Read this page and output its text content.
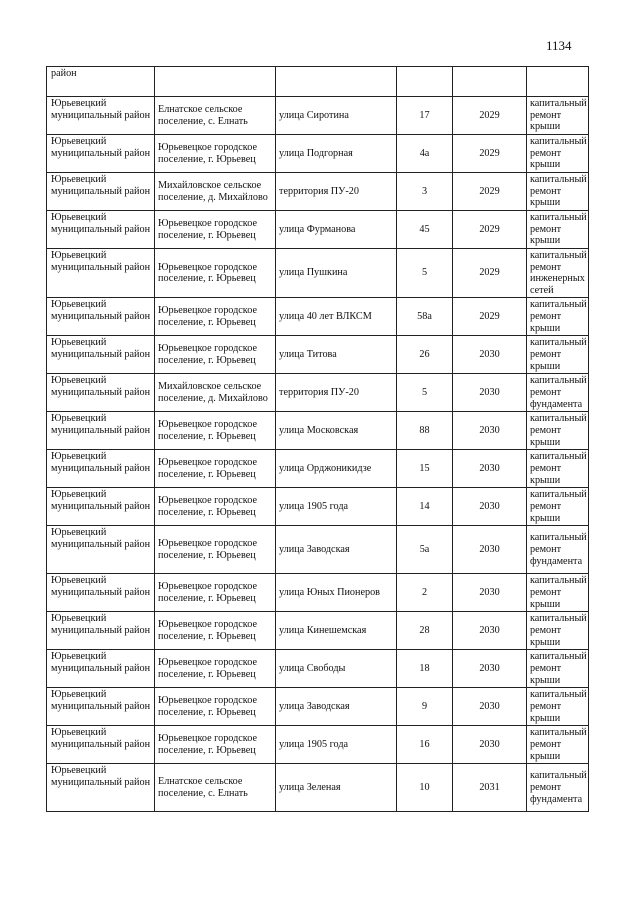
1134
район					
Юрьевецкий муниципальный район	Елнатское сельское поселение, с. Елнать	улица Сиротина	17	2029	капитальный ремонт крыши
Юрьевецкий муниципальный район	Юрьевецкое городское поселение, г. Юрьевец	улица Подгорная	4а	2029	капитальный ремонт крыши
Юрьевецкий муниципальный район	Михайловское сельское поселение, д. Михайлово	территория ПУ-20	3	2029	капитальный ремонт крыши
Юрьевецкий муниципальный район	Юрьевецкое городское поселение, г. Юрьевец	улица Фурманова	45	2029	капитальный ремонт крыши
Юрьевецкий муниципальный район	Юрьевецкое городское поселение, г. Юрьевец	улица Пушкина	5	2029	капитальный ремонт инженерных сетей
Юрьевецкий муниципальный район	Юрьевецкое городское поселение, г. Юрьевец	улица 40 лет ВЛКСМ	58а	2029	капитальный ремонт крыши
Юрьевецкий муниципальный район	Юрьевецкое городское поселение, г. Юрьевец	улица Титова	26	2030	капитальный ремонт крыши
Юрьевецкий муниципальный район	Михайловское сельское поселение, д. Михайлово	территория ПУ-20	5	2030	капитальный ремонт фундамента
Юрьевецкий муниципальный район	Юрьевецкое городское поселение, г. Юрьевец	улица Московская	88	2030	капитальный ремонт крыши
Юрьевецкий муниципальный район	Юрьевецкое городское поселение, г. Юрьевец	улица Орджоникидзе	15	2030	капитальный ремонт крыши
Юрьевецкий муниципальный район	Юрьевецкое городское поселение, г. Юрьевец	улица 1905 года	14	2030	капитальный ремонт крыши
Юрьевецкий муниципальный район	Юрьевецкое городское поселение, г. Юрьевец	улица Заводская	5а	2030	капитальный ремонт фундамента
Юрьевецкий муниципальный район	Юрьевецкое городское поселение, г. Юрьевец	улица Юных Пионеров	2	2030	капитальный ремонт крыши
Юрьевецкий муниципальный район	Юрьевецкое городское поселение, г. Юрьевец	улица Кинешемская	28	2030	капитальный ремонт крыши
Юрьевецкий муниципальный район	Юрьевецкое городское поселение, г. Юрьевец	улица Свободы	18	2030	капитальный ремонт крыши
Юрьевецкий муниципальный район	Юрьевецкое городское поселение, г. Юрьевец	улица Заводская	9	2030	капитальный ремонт крыши
Юрьевецкий муниципальный район	Юрьевецкое городское поселение, г. Юрьевец	улица 1905 года	16	2030	капитальный ремонт крыши
Юрьевецкий муниципальный район	Елнатское сельское поселение, с. Елнать	улица Зеленая	10	2031	капитальный ремонт фундамента
